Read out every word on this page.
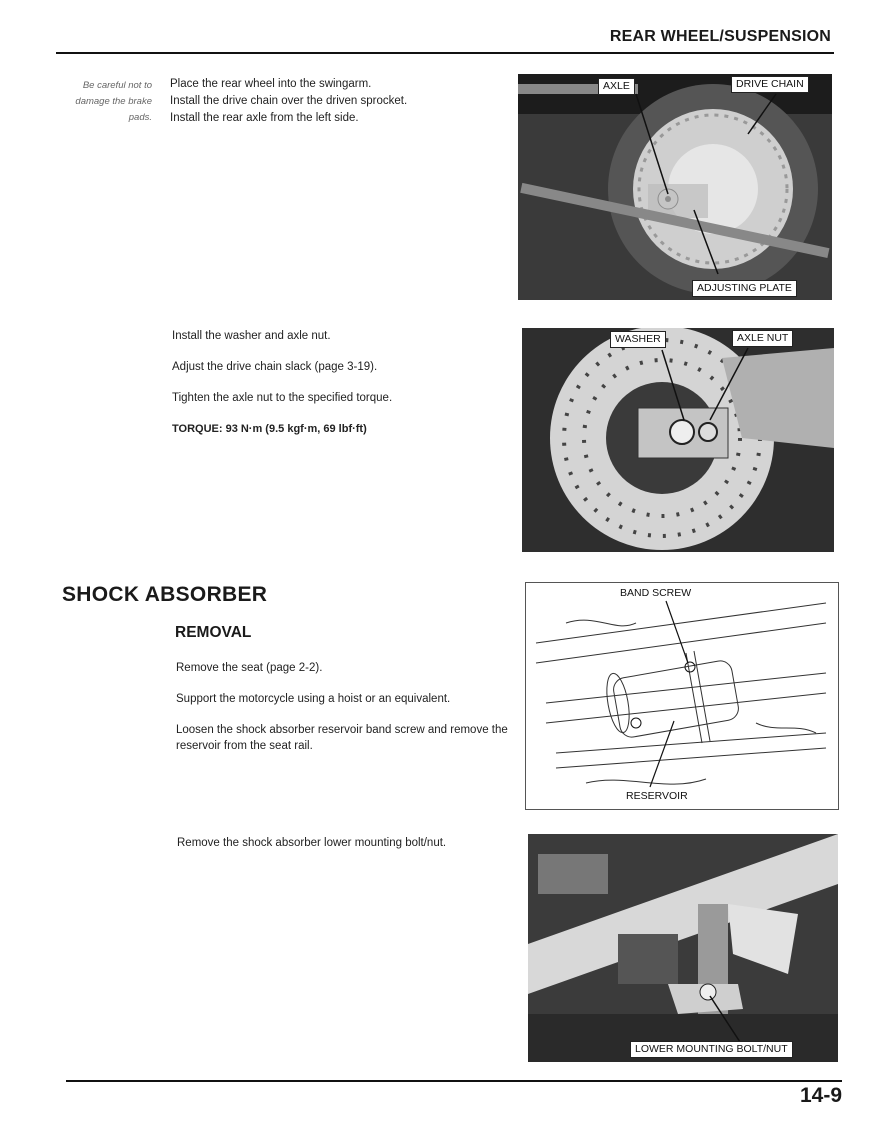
REAR WHEEL/SUSPENSION
Be careful not to damage the brake pads.
Place the rear wheel into the swingarm.
Install the drive chain over the driven sprocket.
Install the rear axle from the left side.
AXLE	DRIVE CHAIN
ADJUSTING PLATE
Install the washer and axle nut.
Adjust the drive chain slack (page 3-19).
Tighten the axle nut to the specified torque.
TORQUE: 93 N·m (9.5 kgf·m, 69 lbf·ft)
WASHER	AXLE NUT
SHOCK ABSORBER
REMOVAL
Remove the seat (page 2-2).
Support the motorcycle using a hoist or an equivalent.
Loosen the shock absorber reservoir band screw and remove the reservoir from the seat rail.
BAND SCREW
RESERVOIR
Remove the shock absorber lower mounting bolt/nut.
LOWER MOUNTING BOLT/NUT
14-9
